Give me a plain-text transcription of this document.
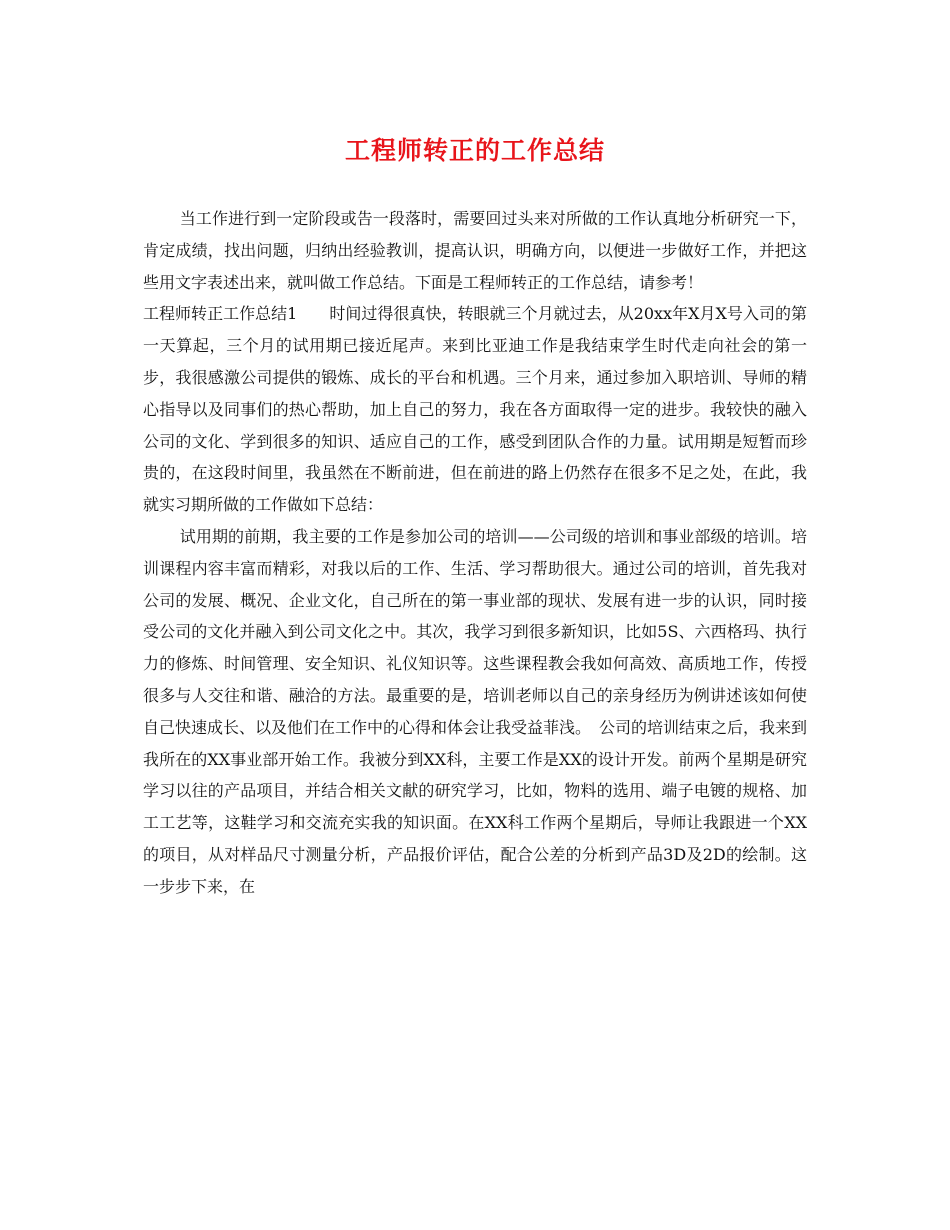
工程师转正的工作总结

当工作进行到一定阶段或告一段落时，需要回过头来对所做的工作认真地分析研究一下，肯定成绩，找出问题，归纳出经验教训，提高认识，明确方向，以便进一步做好工作，并把这些用文字表述出来，就叫做工作总结。下面是工程师转正的工作总结，请参考！

工程师转正工作总结1　　时间过得很真快，转眼就三个月就过去，从20xx年X月X号入司的第一天算起，三个月的试用期已接近尾声。来到比亚迪工作是我结束学生时代走向社会的第一步，我很感激公司提供的锻炼、成长的平台和机遇。三个月来，通过参加入职培训、导师的精心指导以及同事们的热心帮助，加上自己的努力，我在各方面取得一定的进步。我较快的融入公司的文化、学到很多的知识、适应自己的工作，感受到团队合作的力量。试用期是短暂而珍贵的，在这段时间里，我虽然在不断前进，但在前进的路上仍然存在很多不足之处，在此，我就实习期所做的工作做如下总结：

试用期的前期，我主要的工作是参加公司的培训——公司级的培训和事业部级的培训。培训课程内容丰富而精彩，对我以后的工作、生活、学习帮助很大。通过公司的培训，首先我对公司的发展、概况、企业文化，自己所在的第一事业部的现状、发展有进一步的认识，同时接受公司的文化并融入到公司文化之中。其次，我学习到很多新知识，比如5S、六西格玛、执行力的修炼、时间管理、安全知识、礼仪知识等。这些课程教会我如何高效、高质地工作，传授很多与人交往和谐、融洽的方法。最重要的是，培训老师以自己的亲身经历为例讲述该如何使自己快速成长、以及他们在工作中的心得和体会让我受益菲浅。　公司的培训结束之后，我来到我所在的XX事业部开始工作。我被分到XX科，主要工作是XX的设计开发。前两个星期是研究学习以往的产品项目，并结合相关文献的研究学习，比如，物料的选用、端子电镀的规格、加工工艺等，这鞋学习和交流充实我的知识面。在XX科工作两个星期后，导师让我跟进一个XX的项目，从对样品尺寸测量分析，产品报价评估，配合公差的分析到产品3D及2D的绘制。这一步步下来，在
